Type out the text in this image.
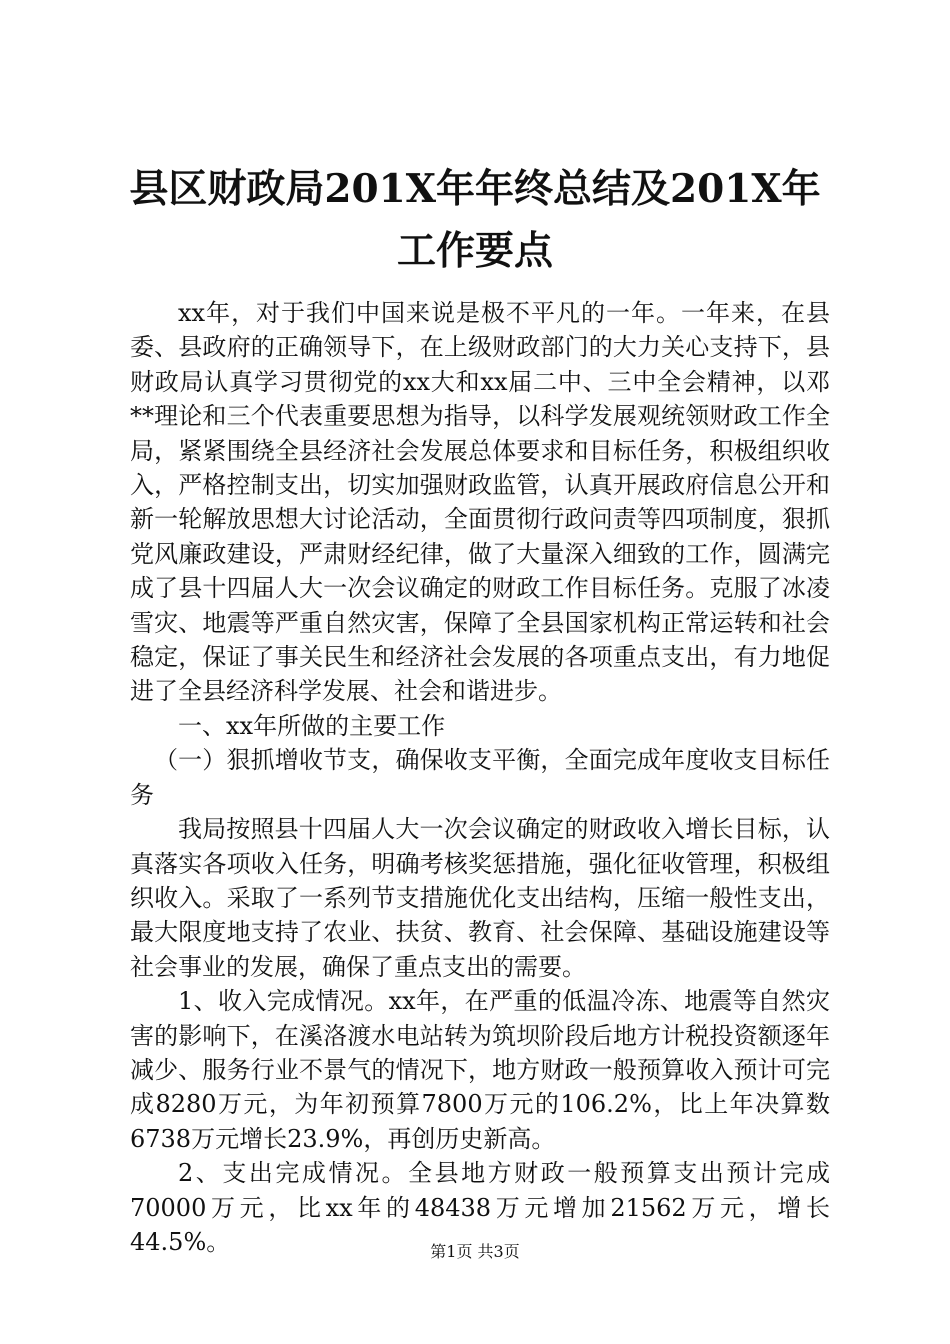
县区财政局201X年年终总结及201X年工作要点

xx年，对于我们中国来说是极不平凡的一年。一年来，在县委、县政府的正确领导下，在上级财政部门的大力关心支持下，县财政局认真学习贯彻党的xx大和xx届二中、三中全会精神，以邓**理论和三个代表重要思想为指导，以科学发展观统领财政工作全局，紧紧围绕全县经济社会发展总体要求和目标任务，积极组织收入，严格控制支出，切实加强财政监管，认真开展政府信息公开和新一轮解放思想大讨论活动，全面贯彻行政问责等四项制度，狠抓党风廉政建设，严肃财经纪律，做了大量深入细致的工作，圆满完成了县十四届人大一次会议确定的财政工作目标任务。克服了冰凌雪灾、地震等严重自然灾害，保障了全县国家机构正常运转和社会稳定，保证了事关民生和经济社会发展的各项重点支出，有力地促进了全县经济科学发展、社会和谐进步。

一、xx年所做的主要工作

（一）狠抓增收节支，确保收支平衡，全面完成年度收支目标任务

我局按照县十四届人大一次会议确定的财政收入增长目标，认真落实各项收入任务，明确考核奖惩措施，强化征收管理，积极组织收入。采取了一系列节支措施优化支出结构，压缩一般性支出，最大限度地支持了农业、扶贫、教育、社会保障、基础设施建设等社会事业的发展，确保了重点支出的需要。

1、收入完成情况。xx年，在严重的低温冷冻、地震等自然灾害的影响下，在溪洛渡水电站转为筑坝阶段后地方计税投资额逐年减少、服务行业不景气的情况下，地方财政一般预算收入预计可完成8280万元，为年初预算7800万元的106.2%，比上年决算数6738万元增长23.9%，再创历史新高。

2、支出完成情况。全县地方财政一般预算支出预计完成70000万元，比xx年的48438万元增加21562万元，增长44.5%。	第1页 共3页
